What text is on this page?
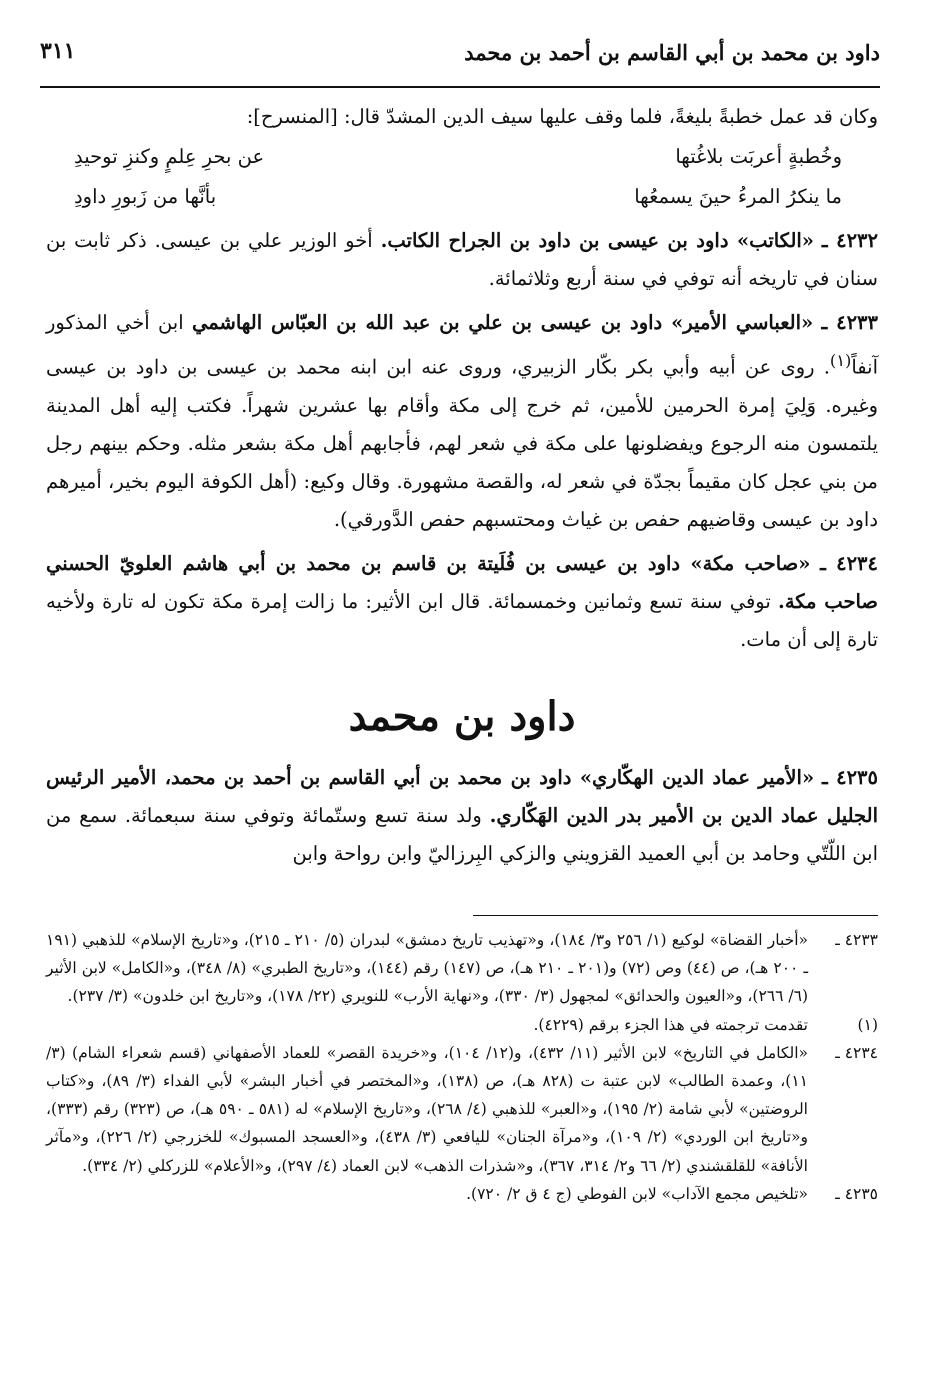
داود بن محمد بن أبي القاسم بن أحمد بن محمد
٣١١

وكان قد عمل خطبةً بليغةً، فلما وقف عليها سيف الدين المشدّ قال: [المنسرح]:

وخُطبةٍ أعربَت بلاغُتها
عن بحرِ عِلمٍ وكنزِ توحيدِ
ما ينكرُ المرءُ حينَ يسمعُها
بأنَّها من زَبورِ داودِ

٤٢٣٢ ـ «الكاتب» داود بن عيسى بن داود بن الجراح الكاتب. أخو الوزير علي بن عيسى. ذكر ثابت بن سنان في تاريخه أنه توفي في سنة أربع وثلاثمائة.

٤٢٣٣ ـ «العباسي الأمير» داود بن عيسى بن علي بن عبد الله بن العبّاس الهاشمي ابن أخي المذكور آنفاً$^{(١)}$. روى عن أبيه وأبي بكر بكّار الزبيري، وروى عنه ابن ابنه محمد بن عيسى بن داود بن عيسى وغيره. وَلِيَ إمرة الحرمين للأمين، ثم خرج إلى مكة وأقام بها عشرين شهراً. فكتب إليه أهل المدينة يلتمسون منه الرجوع ويفضلونها على مكة في شعر لهم، فأجابهم أهل مكة بشعر مثله. وحكم بينهم رجل من بني عجل كان مقيماً بجدّة في شعر له، والقصة مشهورة. وقال وكيع: (أهل الكوفة اليوم بخير، أميرهم داود بن عيسى وقاضيهم حفص بن غياث ومحتسبهم حفص الدَّورقي).

٤٢٣٤ ـ «صاحب مكة» داود بن عيسى بن فُلَيتة بن قاسم بن محمد بن أبي هاشم العلويّ الحسني صاحب مكة. توفي سنة تسع وثمانين وخمسمائة. قال ابن الأثير: ما زالت إمرة مكة تكون له تارة ولأخيه تارة إلى أن مات.

داود بن محمد

٤٢٣٥ ـ «الأمير عماد الدين الهكّاري» داود بن محمد بن أبي القاسم بن أحمد بن محمد، الأمير الرئيس الجليل عماد الدين بن الأمير بدر الدين الهَكّاري. ولد سنة تسع وستّمائة وتوفي سنة سبعمائة. سمع من ابن اللّتّي وحامد بن أبي العميد القزويني والزكي البِرزاليّ وابن رواحة وابن

٤٢٣٣ ـ
«أخبار القضاة» لوكيع (١/ ٢٥٦ و٣/ ١٨٤)، و«تهذيب تاريخ دمشق» لبدران (٥/ ٢١٠ ـ ٢١٥)، و«تاريخ الإسلام» للذهبي (١٩١ ـ ٢٠٠ هـ)، ص (٤٤) وص (٧٢) و(٢٠١ ـ ٢١٠ هـ)، ص (١٤٧) رقم (١٤٤)، و«تاريخ الطبري» (٨/ ٣٤٨)، و«الكامل» لابن الأثير (٦/ ٢٦٦)، و«العيون والحدائق» لمجهول (٣/ ٣٣٠)، و«نهاية الأرب» للنويري (٢٢/ ١٧٨)، و«تاريخ ابن خلدون» (٣/ ٢٣٧).
(١)
تقدمت ترجمته في هذا الجزء برقم (٤٢٢٩).
٤٢٣٤ ـ
«الكامل في التاريخ» لابن الأثير (١١/ ٤٣٢)، و(١٢/ ١٠٤)، و«خريدة القصر» للعماد الأصفهاني (قسم شعراء الشام) (٣/ ١١)، وعمدة الطالب» لابن عتبة ت (٨٢٨ هـ)، ص (١٣٨)، و«المختصر في أخبار البشر» لأبي الفداء (٣/ ٨٩)، و«كتاب الروضتين» لأبي شامة (٢/ ١٩٥)، و«العبر» للذهبي (٤/ ٢٦٨)، و«تاريخ الإسلام» له (٥٨١ ـ ٥٩٠ هـ)، ص (٣٢٣) رقم (٣٣٣)، و«تاريخ ابن الوردي» (٢/ ١٠٩)، و«مرآة الجنان» لليافعي (٣/ ٤٣٨)، و«العسجد المسبوك» للخزرجي (٢/ ٢٢٦)، و«مآثر الأنافة» للقلقشندي (٢/ ٦٦ و٢/ ٣١٤، ٣٦٧)، و«شذرات الذهب» لابن العماد (٤/ ٢٩٧)، و«الأعلام» للزركلي (٢/ ٣٣٤).
٤٢٣٥ ـ
«تلخيص مجمع الآداب» لابن الفوطي (ج ٤ ق ٢/ ٧٢٠).
